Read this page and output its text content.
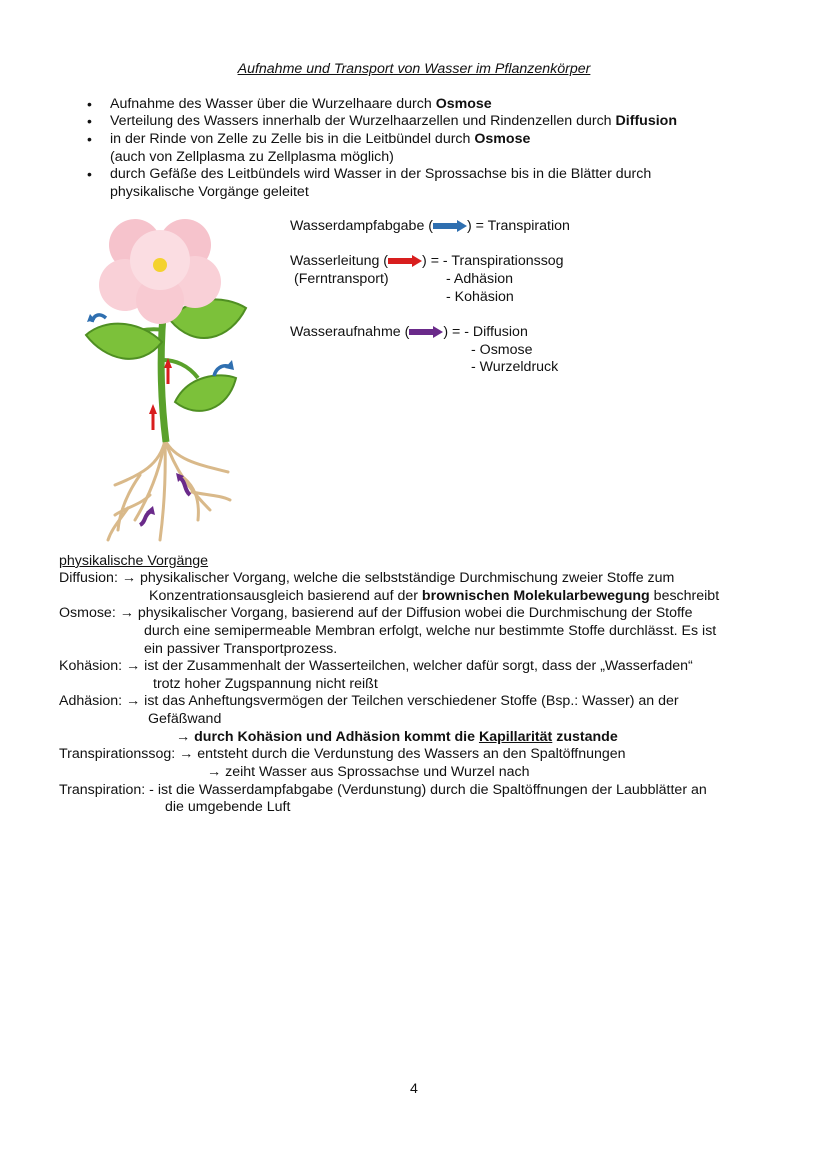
Aufnahme und Transport von Wasser im Pflanzenkörper
• Aufnahme des Wasser über die Wurzelhaare durch Osmose
• Verteilung des Wassers innerhalb der Wurzelhaarzellen und Rindenzellen durch Diffusion
• in der Rinde von Zelle zu Zelle bis in die Leitbündel durch Osmose
(auch von Zellplasma zu Zellplasma möglich)
• durch Gefäße des Leitbündels wird Wasser in der Sprossachse bis in die Blätter durch
physikalische Vorgänge geleitet
Wasserdampfabgabe ( ) = Transpiration
Wasserleitung ( ) = - Transpirationssog
(Ferntransport)	- Adhäsion
- Kohäsion
Wasseraufnahme ( ) = - Diffusion
- Osmose
- Wurzeldruck
physikalische Vorgänge
Diffusion: → physikalischer Vorgang, welche die selbstständige Durchmischung zweier Stoffe zum
Konzentrationsausgleich basierend auf der brownischen Molekularbewegung beschreibt
Osmose: → physikalischer Vorgang, basierend auf der Diffusion wobei die Durchmischung der Stoffe
durch eine semipermeable Membran erfolgt, welche nur bestimmte Stoffe durchlässt. Es ist
ein passiver Transportprozess.
Kohäsion: → ist der Zusammenhalt der Wasserteilchen, welcher dafür sorgt, dass der „Wasserfaden“
trotz hoher Zugspannung nicht reißt
Adhäsion: → ist das Anheftungsvermögen der Teilchen verschiedener Stoffe (Bsp.: Wasser) an der
Gefäßwand
→ durch Kohäsion und Adhäsion kommt die Kapillarität zustande
Transpirationssog: → entsteht durch die Verdunstung des Wassers an den Spaltöffnungen
→ zeiht Wasser aus Sprossachse und Wurzel nach
Transpiration: - ist die Wasserdampfabgabe (Verdunstung) durch die Spaltöffnungen der Laubblätter an
die umgebende Luft
4
